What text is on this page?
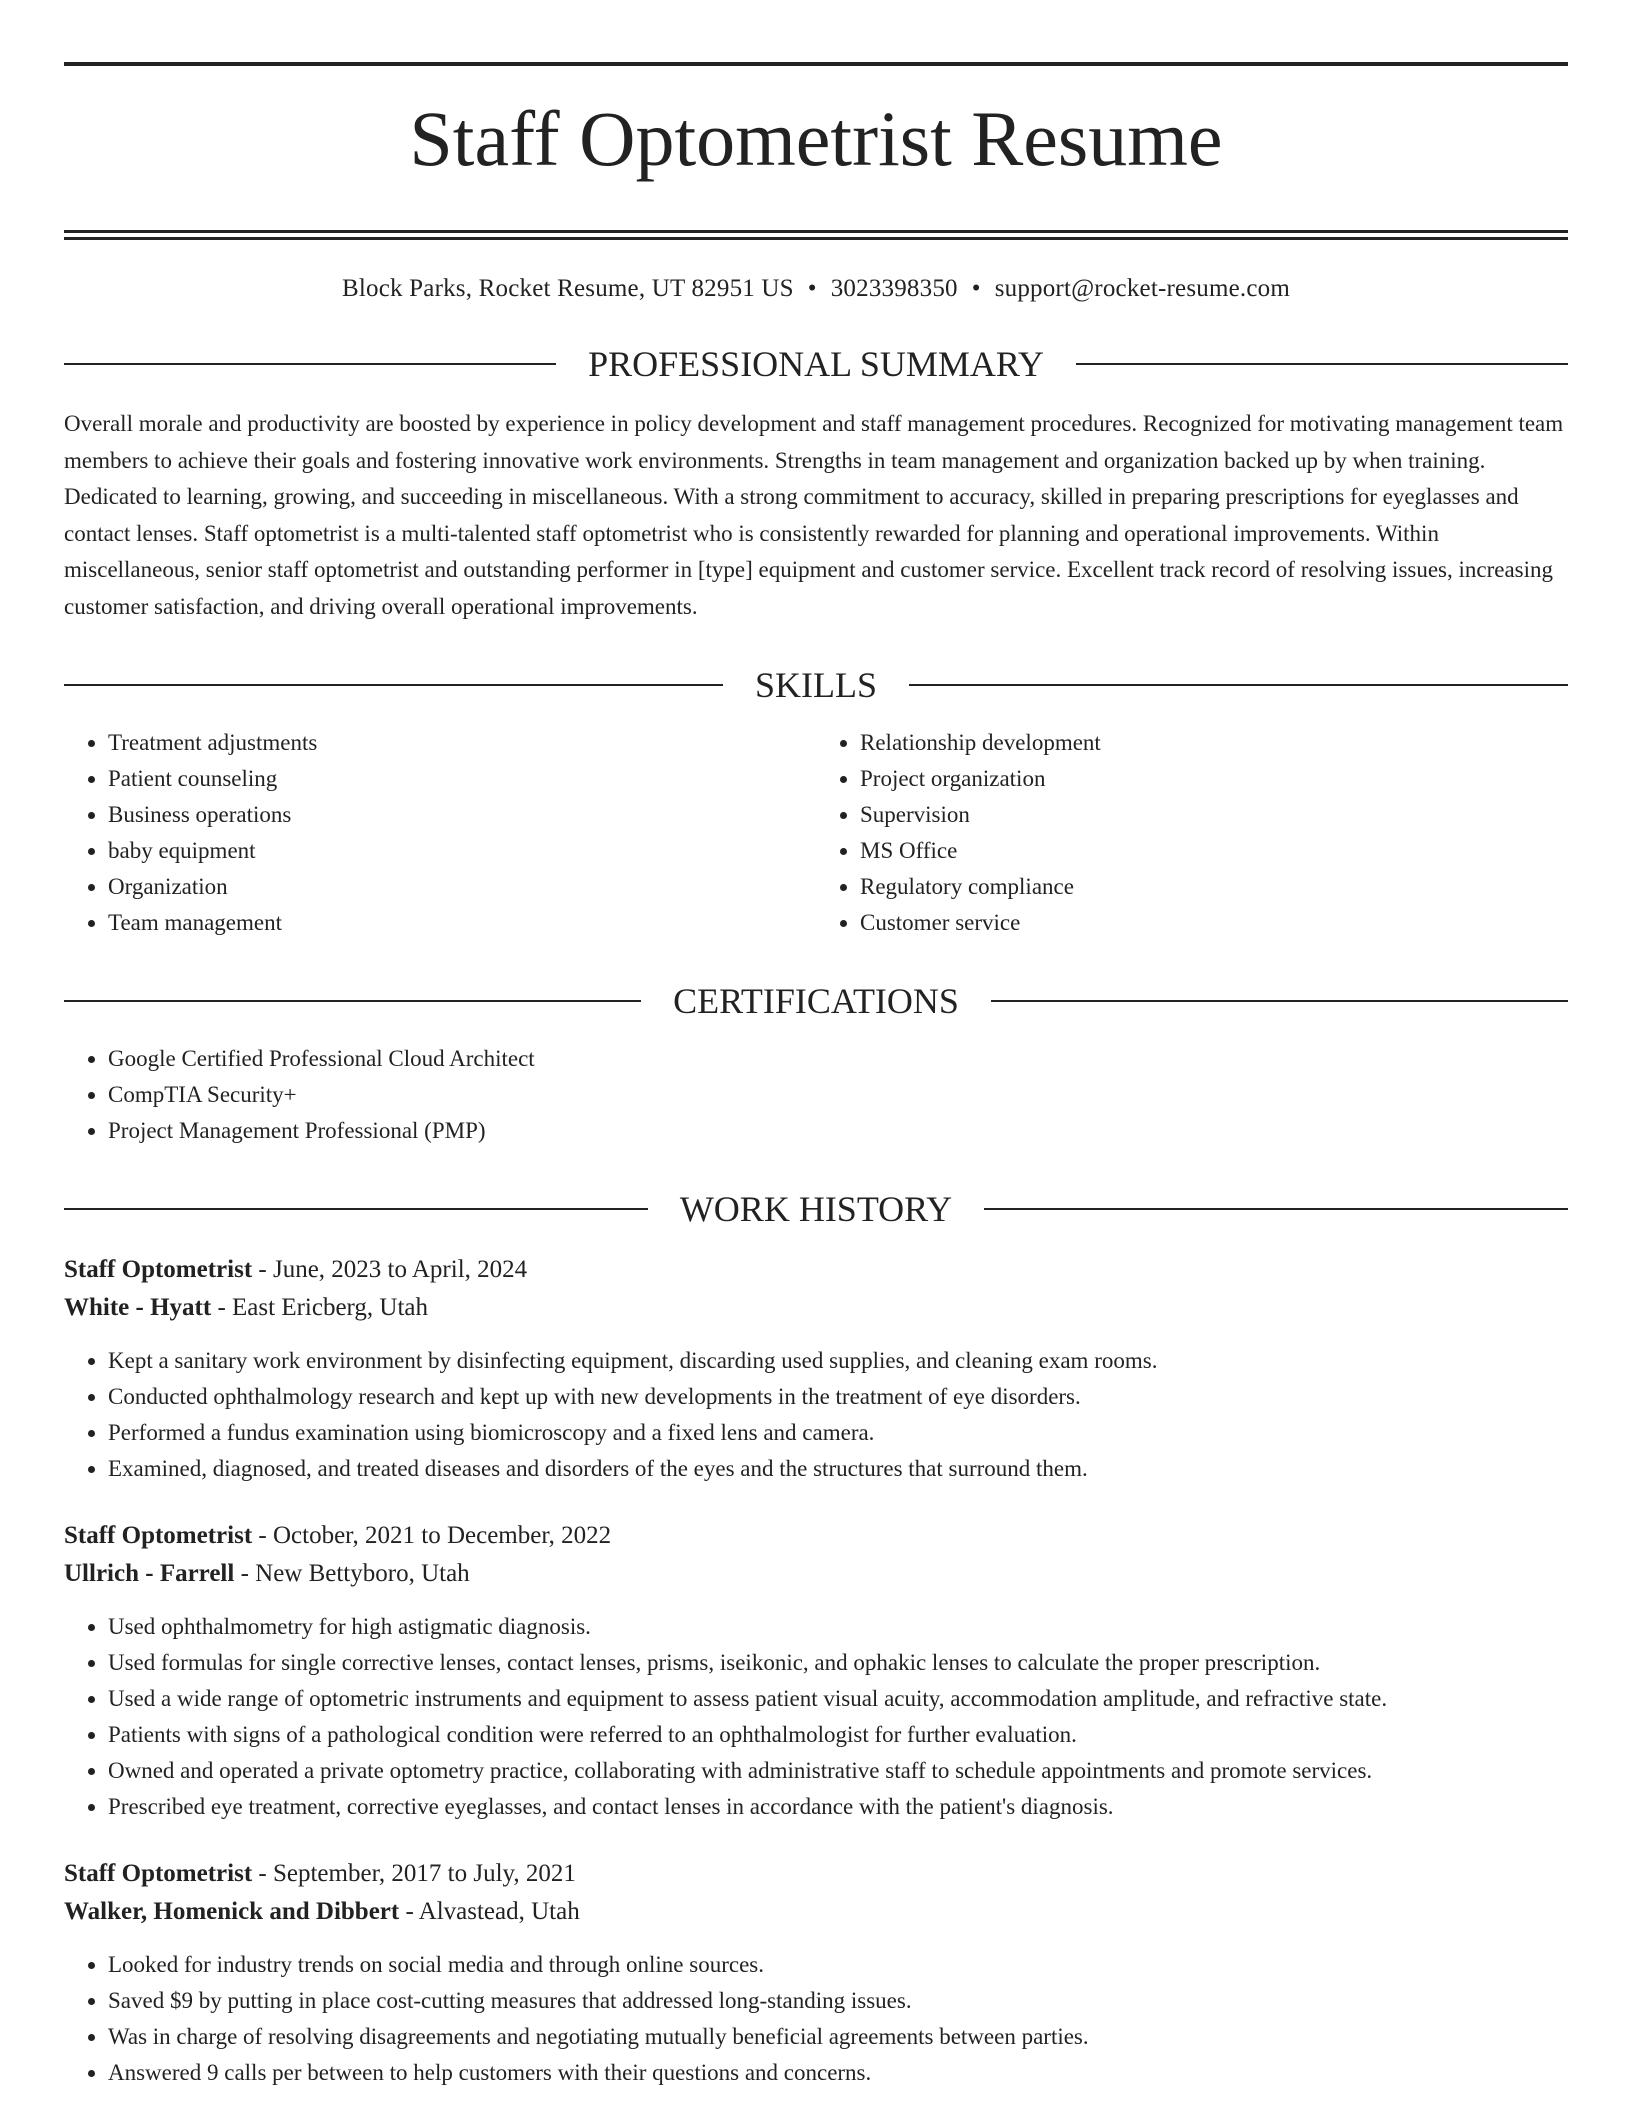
Staff Optometrist Resume
Block Parks, Rocket Resume, UT 82951 US • 3023398350 • support@rocket-resume.com
PROFESSIONAL SUMMARY
Overall morale and productivity are boosted by experience in policy development and staff management procedures. Recognized for motivating management team members to achieve their goals and fostering innovative work environments. Strengths in team management and organization backed up by when training. Dedicated to learning, growing, and succeeding in miscellaneous. With a strong commitment to accuracy, skilled in preparing prescriptions for eyeglasses and contact lenses. Staff optometrist is a multi-talented staff optometrist who is consistently rewarded for planning and operational improvements. Within miscellaneous, senior staff optometrist and outstanding performer in [type] equipment and customer service. Excellent track record of resolving issues, increasing customer satisfaction, and driving overall operational improvements.
SKILLS
• Treatment adjustments
• Patient counseling
• Business operations
• baby equipment
• Organization
• Team management
• Relationship development
• Project organization
• Supervision
• MS Office
• Regulatory compliance
• Customer service
CERTIFICATIONS
• Google Certified Professional Cloud Architect
• CompTIA Security+
• Project Management Professional (PMP)
WORK HISTORY
Staff Optometrist - June, 2023 to April, 2024
White - Hyatt - East Ericberg, Utah
• Kept a sanitary work environment by disinfecting equipment, discarding used supplies, and cleaning exam rooms.
• Conducted ophthalmology research and kept up with new developments in the treatment of eye disorders.
• Performed a fundus examination using biomicroscopy and a fixed lens and camera.
• Examined, diagnosed, and treated diseases and disorders of the eyes and the structures that surround them.
Staff Optometrist - October, 2021 to December, 2022
Ullrich - Farrell - New Bettyboro, Utah
• Used ophthalmometry for high astigmatic diagnosis.
• Used formulas for single corrective lenses, contact lenses, prisms, iseikonic, and ophakic lenses to calculate the proper prescription.
• Used a wide range of optometric instruments and equipment to assess patient visual acuity, accommodation amplitude, and refractive state.
• Patients with signs of a pathological condition were referred to an ophthalmologist for further evaluation.
• Owned and operated a private optometry practice, collaborating with administrative staff to schedule appointments and promote services.
• Prescribed eye treatment, corrective eyeglasses, and contact lenses in accordance with the patient's diagnosis.
Staff Optometrist - September, 2017 to July, 2021
Walker, Homenick and Dibbert - Alvastead, Utah
• Looked for industry trends on social media and through online sources.
• Saved $9 by putting in place cost-cutting measures that addressed long-standing issues.
• Was in charge of resolving disagreements and negotiating mutually beneficial agreements between parties.
• Answered 9 calls per between to help customers with their questions and concerns.
